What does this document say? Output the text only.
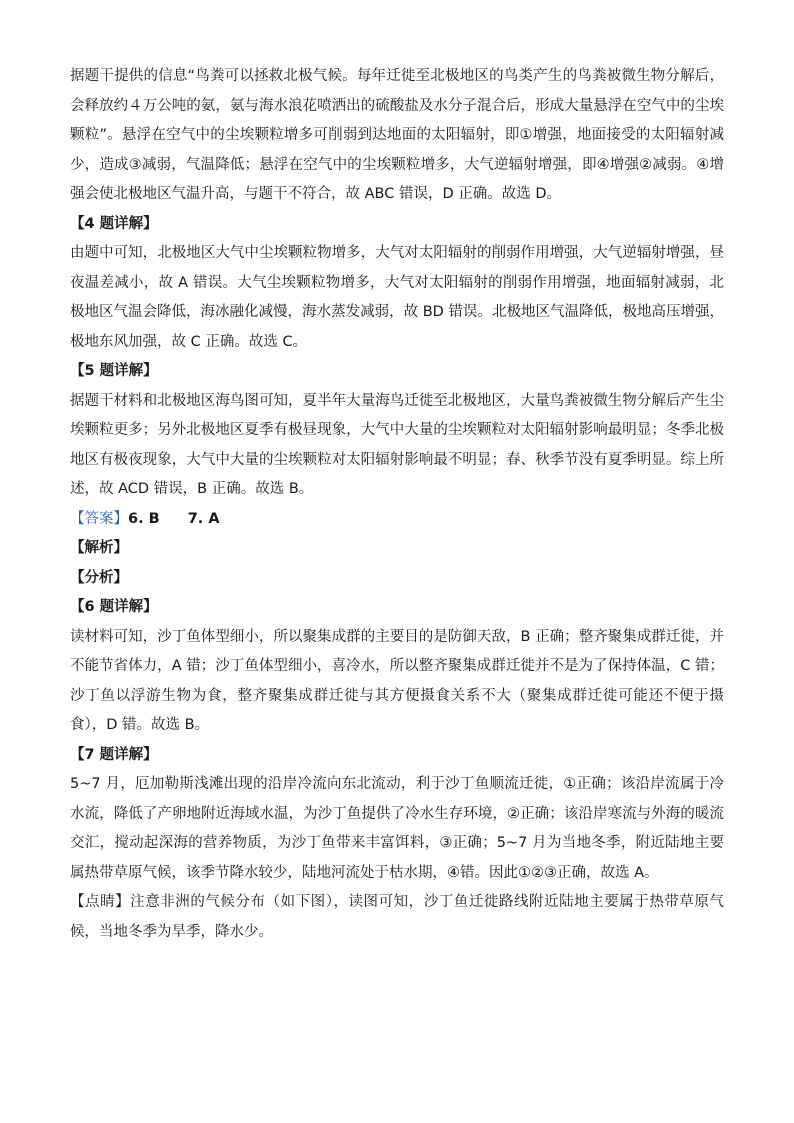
据题干提供的信息“鸟粪可以拯救北极气候。每年迁徙至北极地区的鸟类产生的鸟粪被微生物分解后，会释放约４万公吨的氨，氨与海水浪花喷洒出的硫酸盐及水分子混合后，形成大量悬浮在空气中的尘埃颗粒”。悬浮在空气中的尘埃颗粒增多可削弱到达地面的太阳辐射，即①增强，地面接受的太阳辐射减少，造成③减弱，气温降低；悬浮在空气中的尘埃颗粒增多，大气逆辐射增强，即④增强②减弱。④增强会使北极地区气温升高，与题干不符合，故 ABC 错误，D 正确。故选 D。

【4 题详解】

由题中可知，北极地区大气中尘埃颗粒物增多，大气对太阳辐射的削弱作用增强，大气逆辐射增强，昼夜温差减小，故 A 错误。大气尘埃颗粒物增多，大气对太阳辐射的削弱作用增强，地面辐射减弱，北极地区气温会降低，海冰融化减慢，海水蒸发减弱，故 BD 错误。北极地区气温降低，极地高压增强，极地东风加强，故 C 正确。故选 C。

【5 题详解】

据题干材料和北极地区海鸟图可知，夏半年大量海鸟迁徙至北极地区，大量鸟粪被微生物分解后产生尘埃颗粒更多；另外北极地区夏季有极昼现象，大气中大量的尘埃颗粒对太阳辐射影响最明显；冬季北极地区有极夜现象，大气中大量的尘埃颗粒对太阳辐射影响最不明显；春、秋季节没有夏季明显。综上所述，故 ACD 错误，B 正确。故选 B。

【答案】6. B 7. A

【解析】

【分析】

【6 题详解】

读材料可知，沙丁鱼体型细小，所以聚集成群的主要目的是防御天敌，B 正确；整齐聚集成群迁徙，并不能节省体力，A 错；沙丁鱼体型细小，喜冷水，所以整齐聚集成群迁徙并不是为了保持体温，C 错；沙丁鱼以浮游生物为食，整齐聚集成群迁徙与其方便摄食关系不大（聚集成群迁徙可能还不便于摄食），D 错。故选 B。

【7 题详解】

5~7 月，厄加勒斯浅滩出现的沿岸冷流向东北流动，利于沙丁鱼顺流迁徙，①正确；该沿岸流属于冷水流，降低了产卵地附近海域水温，为沙丁鱼提供了冷水生存环境，②正确；该沿岸寒流与外海的暖流交汇，搅动起深海的营养物质，为沙丁鱼带来丰富饵料，③正确；5~7 月为当地冬季，附近陆地主要属热带草原气候，该季节降水较少，陆地河流处于枯水期，④错。因此①②③正确，故选 A。

【点睛】注意非洲的气候分布（如下图），读图可知，沙丁鱼迁徙路线附近陆地主要属于热带草原气候，当地冬季为旱季，降水少。
